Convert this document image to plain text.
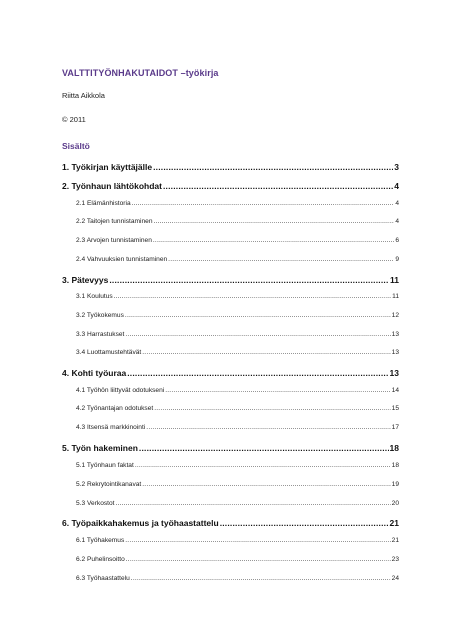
VALTTITYÖNHAKUTAIDOT –työkirja
Riitta Aikkola
© 2011
Sisältö
1. Työkirjan käyttäjälle .....	3
2. Työnhaun lähtökohdat .....	4
2.1 Elämänhistoria .....	4
2.2 Taitojen tunnistaminen .....	4
2.3 Arvojen tunnistaminen .....	6
2.4 Vahvuuksien tunnistaminen .....	9
3. Pätevyys .....	11
3.1 Koulutus .....	11
3.2 Työkokemus .....	12
3.3 Harrastukset .....	13
3.4 Luottamustehtävät .....	13
4. Kohti työuraa .....	13
4.1 Työhön liittyvät odotukseni .....	14
4.2 Työnantajan odotukset .....	15
4.3 Itsensä markkinointi .....	17
5. Työn hakeminen .....	18
5.1 Työnhaun faktat .....	18
5.2 Rekrytointikanavat .....	19
5.3 Verkostot .....	20
6. Työpaikkahakemus ja työhaastattelu .....	21
6.1 Työhakemus .....	21
6.2 Puhelinsoitto .....	23
6.3 Työhaastattelu .....	24
